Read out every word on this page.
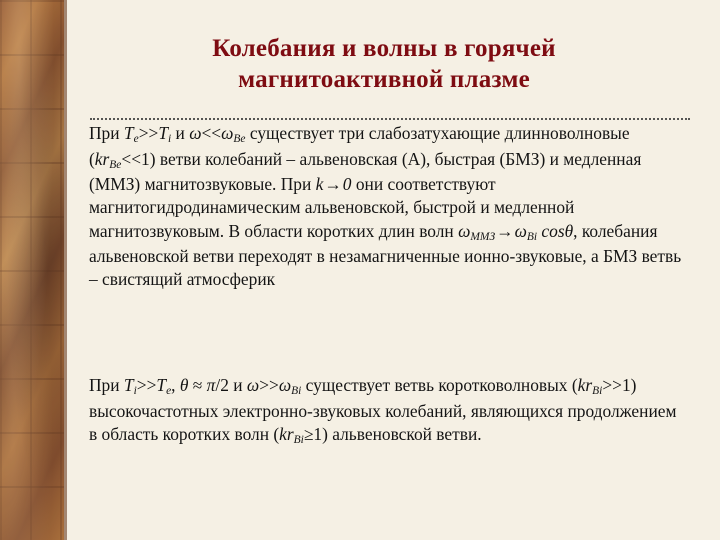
Колебания и волны в горячей
магнитоактивной плазме

При $T_e>>T_i$ и $\omega<<\omega_{Be}$ существует три слабозатухающие длинноволновые $(kr_{Be}<<1)$ ветви колебаний – альвеновская (А), быстрая (БМЗ) и медленная (ММЗ) магнитозвуковые. При k→0 они соответствуют магнитогидродинамическим альвеновской, быстрой и медленной магнитозвуковым. В области коротких длин волн $\omega_{ММЗ}\to\omega_{Bi}$ cosθ, колебания альвеновской ветви переходят в незамагниченные ионно-звуковые, а БМЗ ветвь – свистящий атмосферик

При $T_i>>T_e$, θ ≈ π/2 и $\omega>>\omega_{Bi}$ существует ветвь коротковолновых $(kr_{Bi}>>1)$ высокочастотных электронно-звуковых колебаний, являющихся продолжением в область коротких волн $(kr_{Bi}\ge 1)$ альвеновской ветви.
